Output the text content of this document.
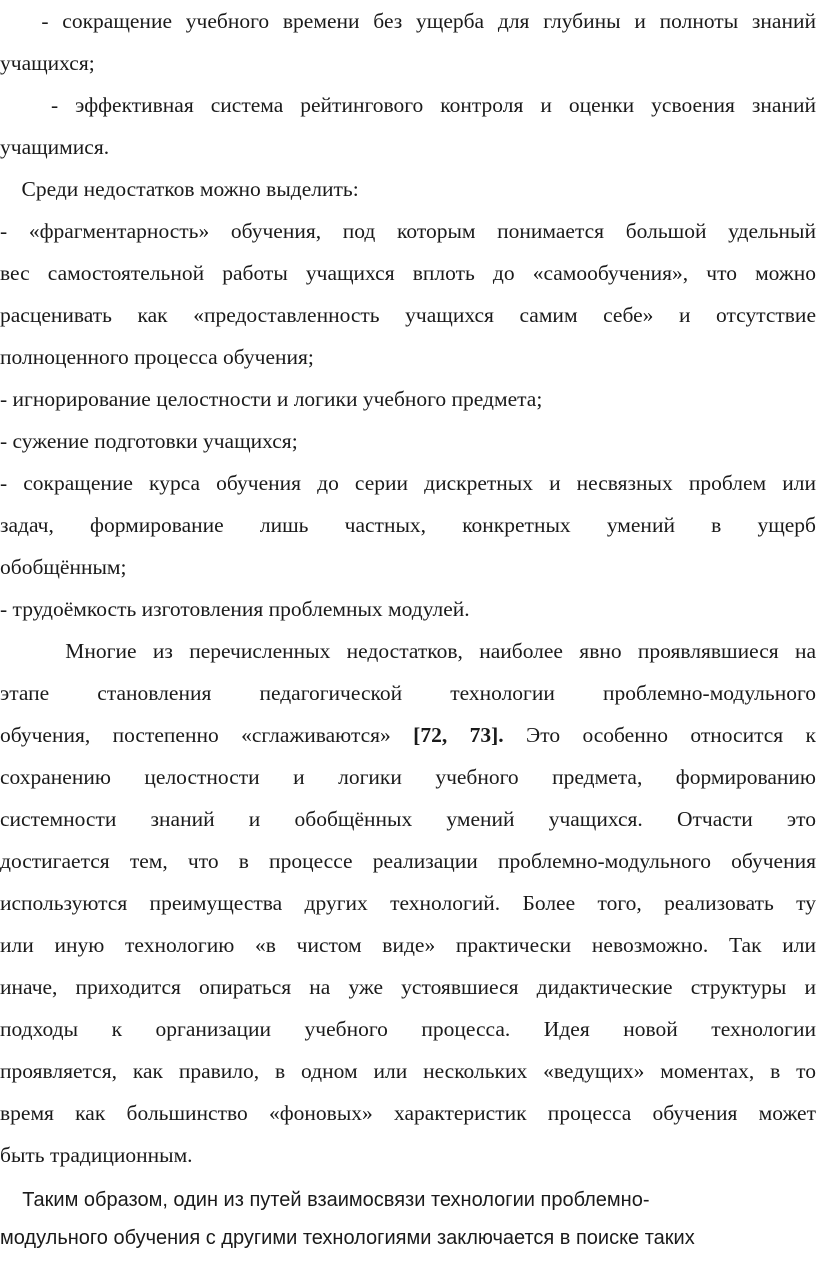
- сокращение учебного времени без ущерба для глубины и полноты знаний
учащихся;
- эффективная система рейтингового контроля и оценки усвоения знаний
учащимися.
Среди недостатков можно выделить:
- «фрагментарность» обучения, под которым понимается большой удельный
вес самостоятельной работы учащихся вплоть до «самообучения», что можно
расценивать как «предоставленность учащихся самим себе» и отсутствие
полноценного процесса обучения;
- игнорирование целостности и логики учебного предмета;
- сужение подготовки учащихся;
- сокращение курса обучения до серии дискретных и несвязных проблем или
задач, формирование лишь частных, конкретных умений в ущерб
обобщённым;
- трудоёмкость изготовления проблемных модулей.
Многие из перечисленных недостатков, наиболее явно проявлявшиеся на
этапе становления педагогической технологии проблемно-модульного
обучения, постепенно «сглаживаются» [72, 73]. Это особенно относится к
сохранению целостности и логики учебного предмета, формированию
системности знаний и обобщённых умений учащихся. Отчасти это
достигается тем, что в процессе реализации проблемно-модульного обучения
используются преимущества других технологий. Более того, реализовать ту
или иную технологию «в чистом виде» практически невозможно. Так или
иначе, приходится опираться на уже устоявшиеся дидактические структуры и
подходы к организации учебного процесса. Идея новой технологии
проявляется, как правило, в одном или нескольких «ведущих» моментах, в то
время как большинство «фоновых» характеристик процесса обучения может
быть традиционным.
Таким образом, один из путей взаимосвязи технологии проблемно-
модульного обучения с другими технологиями заключается в поиске таких
